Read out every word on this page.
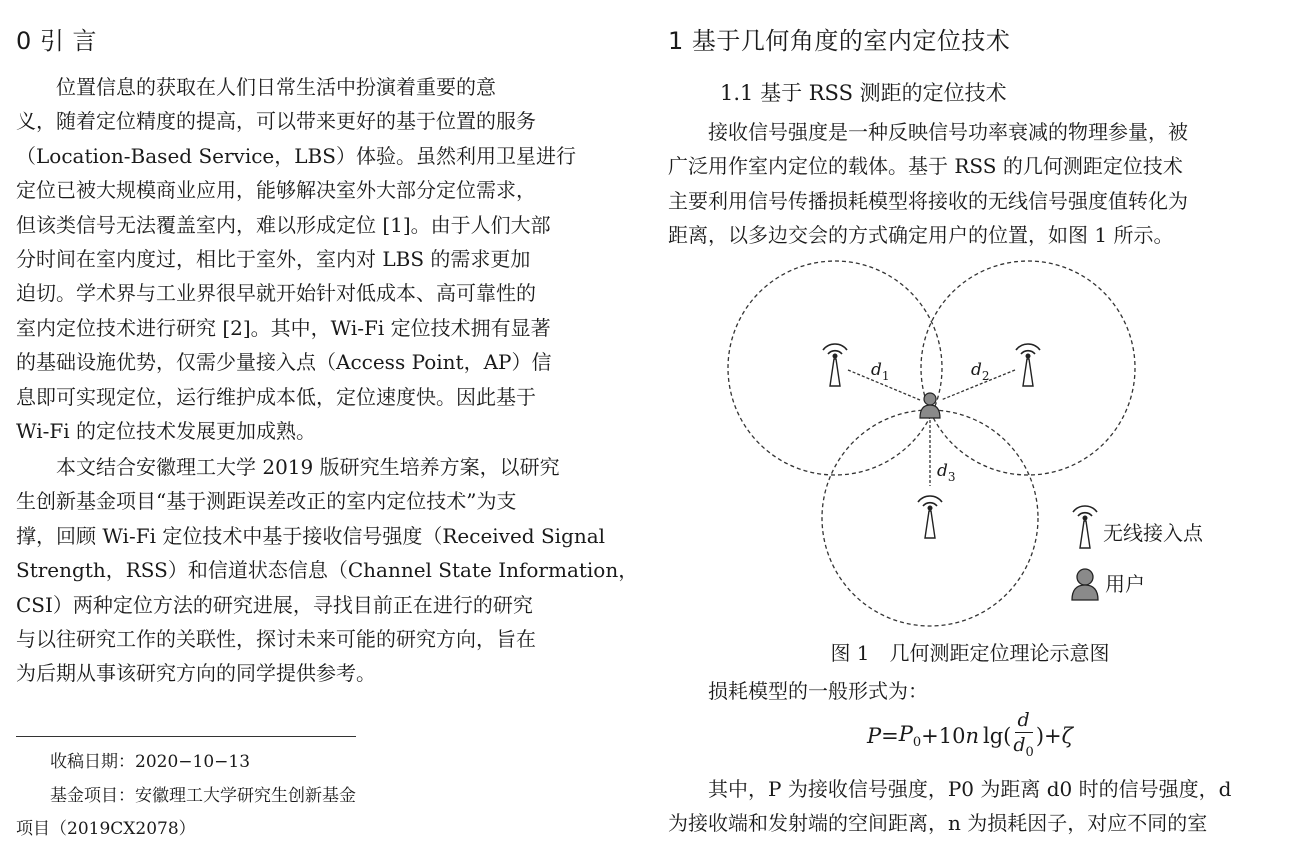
0 引 言
　　位置信息的获取在人们日常生活中扮演着重要的意
义，随着定位精度的提高，可以带来更好的基于位置的服务
（Location-Based Service，LBS）体验。虽然利用卫星进行
定位已被大规模商业应用，能够解决室外大部分定位需求，
但该类信号无法覆盖室内，难以形成定位 [1]。由于人们大部
分时间在室内度过，相比于室外，室内对 LBS 的需求更加
迫切。学术界与工业界很早就开始针对低成本、高可靠性的
室内定位技术进行研究 [2]。其中，Wi-Fi 定位技术拥有显著
的基础设施优势，仅需少量接入点（Access Point，AP）信
息即可实现定位，运行维护成本低，定位速度快。因此基于
Wi-Fi 的定位技术发展更加成熟。
　　本文结合安徽理工大学 2019 版研究生培养方案，以研究
生创新基金项目“基于测距误差改正的室内定位技术”为支
撑，回顾 Wi-Fi 定位技术中基于接收信号强度（Received Signal
Strength，RSS）和信道状态信息（Channel State Information，
CSI）两种定位方法的研究进展，寻找目前正在进行的研究
与以往研究工作的关联性，探讨未来可能的研究方向，旨在
为后期从事该研究方向的同学提供参考。
　　收稿日期：2020−10−13
　　基金项目：安徽理工大学研究生创新基金
项目（2019CX2078）
1 基于几何角度的室内定位技术
1.1 基于 RSS 测距的定位技术
　　接收信号强度是一种反映信号功率衰减的物理参量，被
广泛用作室内定位的载体。基于 RSS 的几何测距定位技术
主要利用信号传播损耗模型将接收的无线信号强度值转化为
距离，以多边交会的方式确定用户的位置，如图 1 所示。
$d_1$	$d_2$
$d_3$
无线接入点
用户
图 1　几何测距定位理论示意图
　　损耗模型的一般形式为：
$P = P_0 +10$ n lg ( $\frac{d}{d_0}$ ) + ζ
　　其中，P 为接收信号强度，P0 为距离 d0 时的信号强度，d
为接收端和发射端的空间距离，n 为损耗因子，对应不同的室
